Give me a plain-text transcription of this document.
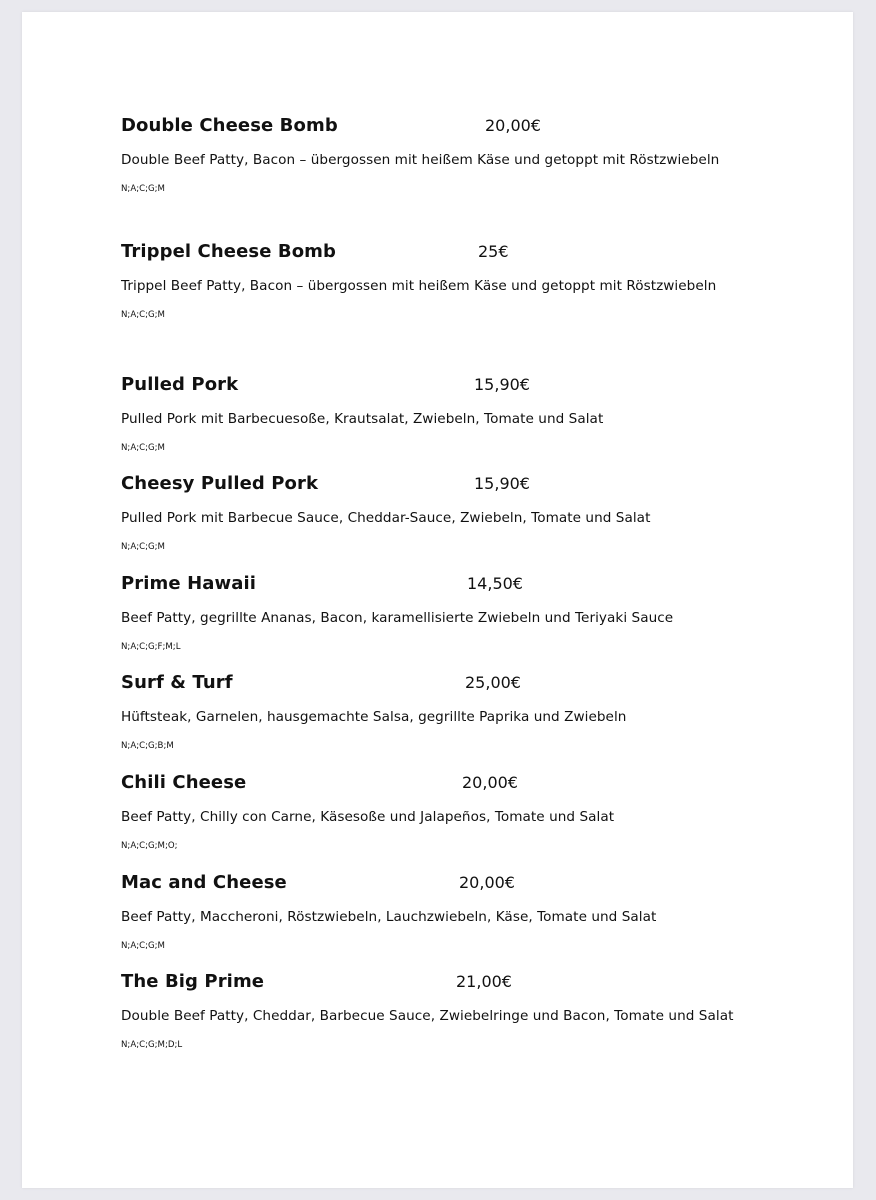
Double Cheese Bomb	20,00€
Double Beef Patty, Bacon – übergossen mit heißem Käse und getoppt mit Röstzwiebeln
N;A;C;G;M
Trippel Cheese Bomb	25€
Trippel Beef Patty, Bacon – übergossen mit heißem Käse und getoppt mit Röstzwiebeln
N;A;C;G;M
Pulled Pork	15,90€
Pulled Pork mit Barbecuesoße, Krautsalat, Zwiebeln, Tomate und Salat
N;A;C;G;M
Cheesy Pulled Pork	15,90€
Pulled Pork mit Barbecue Sauce, Cheddar-Sauce, Zwiebeln, Tomate und Salat
N;A;C;G;M
Prime Hawaii	14,50€
Beef Patty, gegrillte Ananas, Bacon, karamellisierte Zwiebeln und Teriyaki Sauce
N;A;C;G;F;M;L
Surf & Turf	25,00€
Hüftsteak, Garnelen, hausgemachte Salsa, gegrillte Paprika und Zwiebeln
N;A;C;G;B;M
Chili Cheese	20,00€
Beef Patty, Chilly con Carne, Käsesoße und Jalapeños, Tomate und Salat
N;A;C;G;M;O;
Mac and Cheese	20,00€
Beef Patty, Maccheroni, Röstzwiebeln, Lauchzwiebeln, Käse, Tomate und Salat
N;A;C;G;M
The Big Prime	21,00€
Double Beef Patty, Cheddar, Barbecue Sauce, Zwiebelringe und Bacon, Tomate und Salat
N;A;C;G;M;D;L
